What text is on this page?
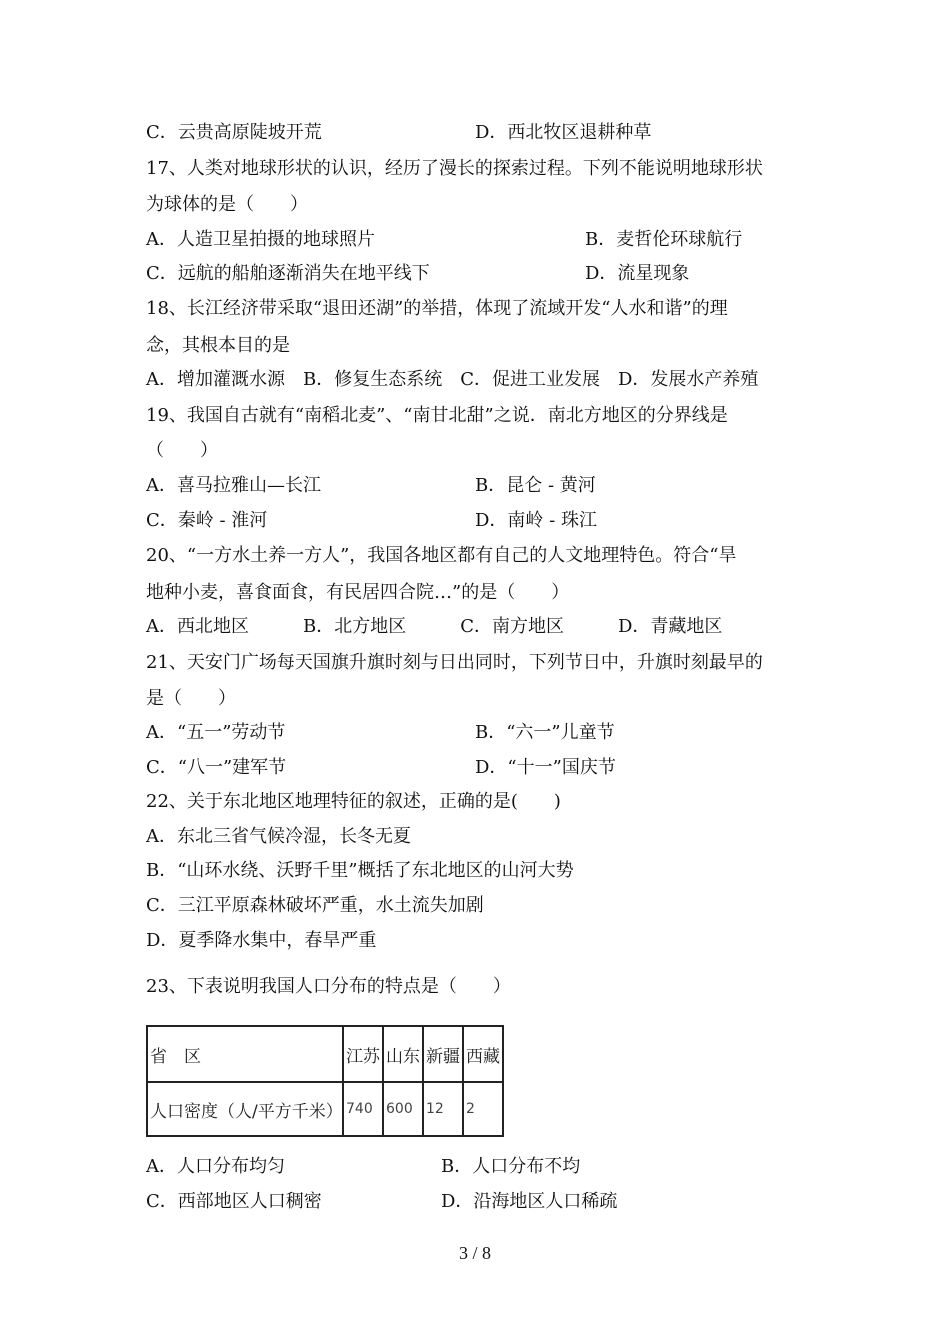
C．云贵高原陡坡开荒	D．西北牧区退耕种草
17、人类对地球形状的认识，经历了漫长的探索过程。下列不能说明地球形状
为球体的是（　　）
A．人造卫星拍摄的地球照片	B．麦哲伦环球航行
C．远航的船舶逐渐消失在地平线下	D．流星现象
18、长江经济带采取“退田还湖”的举措，体现了流域开发“人水和谐”的理
念，其根本目的是
A．增加灌溉水源　B．修复生态系统　C．促进工业发展　D．发展水产养殖
19、我国自古就有“南稻北麦”、“南甘北甜”之说．南北方地区的分界线是
（　　）
A．喜马拉雅山—长江	B．昆仑 - 黄河
C．秦岭 - 淮河	D．南岭 - 珠江
20、“一方水土养一方人”，我国各地区都有自己的人文地理特色。符合“旱
地种小麦，喜食面食，有民居四合院…”的是（　　）
A．西北地区　　　B．北方地区　　　C．南方地区　　　D．青藏地区
21、天安门广场每天国旗升旗时刻与日出同时，下列节日中，升旗时刻最早的
是（　　）
A．“五一”劳动节	B．“六一”儿童节
C．“八一”建军节	D．“十一”国庆节
22、关于东北地区地理特征的叙述，正确的是(　　)
A．东北三省气候冷湿，长冬无夏
B．“山环水绕、沃野千里”概括了东北地区的山河大势
C．三江平原森林破坏严重，水土流失加剧
D．夏季降水集中，春旱严重
23、下表说明我国人口分布的特点是（　　）
省　区	江苏	山东	新疆	西藏
人口密度（人/平方千米）	740	600	12	2
A．人口分布均匀	B．人口分布不均
C．西部地区人口稠密	D．沿海地区人口稀疏
3 / 8
